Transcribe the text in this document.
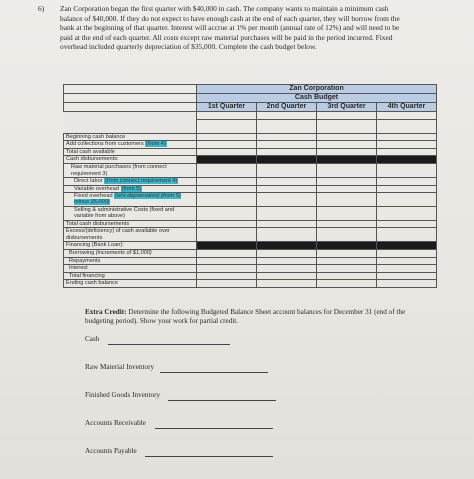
6) Zan Corporation began the first quarter with $40,000 in cash. The company wants to maintain a minimum cash balance of $40,000. If they do not expect to have enough cash at the end of each quarter, they will borrow from the bank at the beginning of that quarter. Interest will accrue at 1% per month (annual rate of 12%) and will need to be paid at the end of each quarter. All costs except raw material purchases will be paid in the period incurred. Fixed overhead included quarterly depreciation of $35,000. Complete the cash budget below.
	Zan Corporation			
	Cash Budget			
	1st Quarter	2nd Quarter	3rd Quarter	4th Quarter

Beginning cash balance				
Add collections from customers (from 4)				
Total cash available				
Cash disbursements:				
Raw material purchases (from connect requirement 3)				
Direct labor (from connect requirement 4)				
Variable overhead (from 5)				
Fixed overhead (w/o depreciation) (from 5) minus 35,000)				
Selling & administrative Costs (fixed and variable from above)				
Total cash disbursements				
Excess/(deficiency) of cash available over disbursements				
Financing (Bank Loan):				
Borrowing (increments of $1,000)				
Repayments				
Interest				
Total financing				
Ending cash balance				
Extra Credit: Determine the following Budgeted Balance Sheet account balances for December 31 (end of the budgeting period). Show your work for partial credit.
Cash
Raw Material Inventory
Finished Goods Inventory
Accounts Receivable
Accounts Payable
